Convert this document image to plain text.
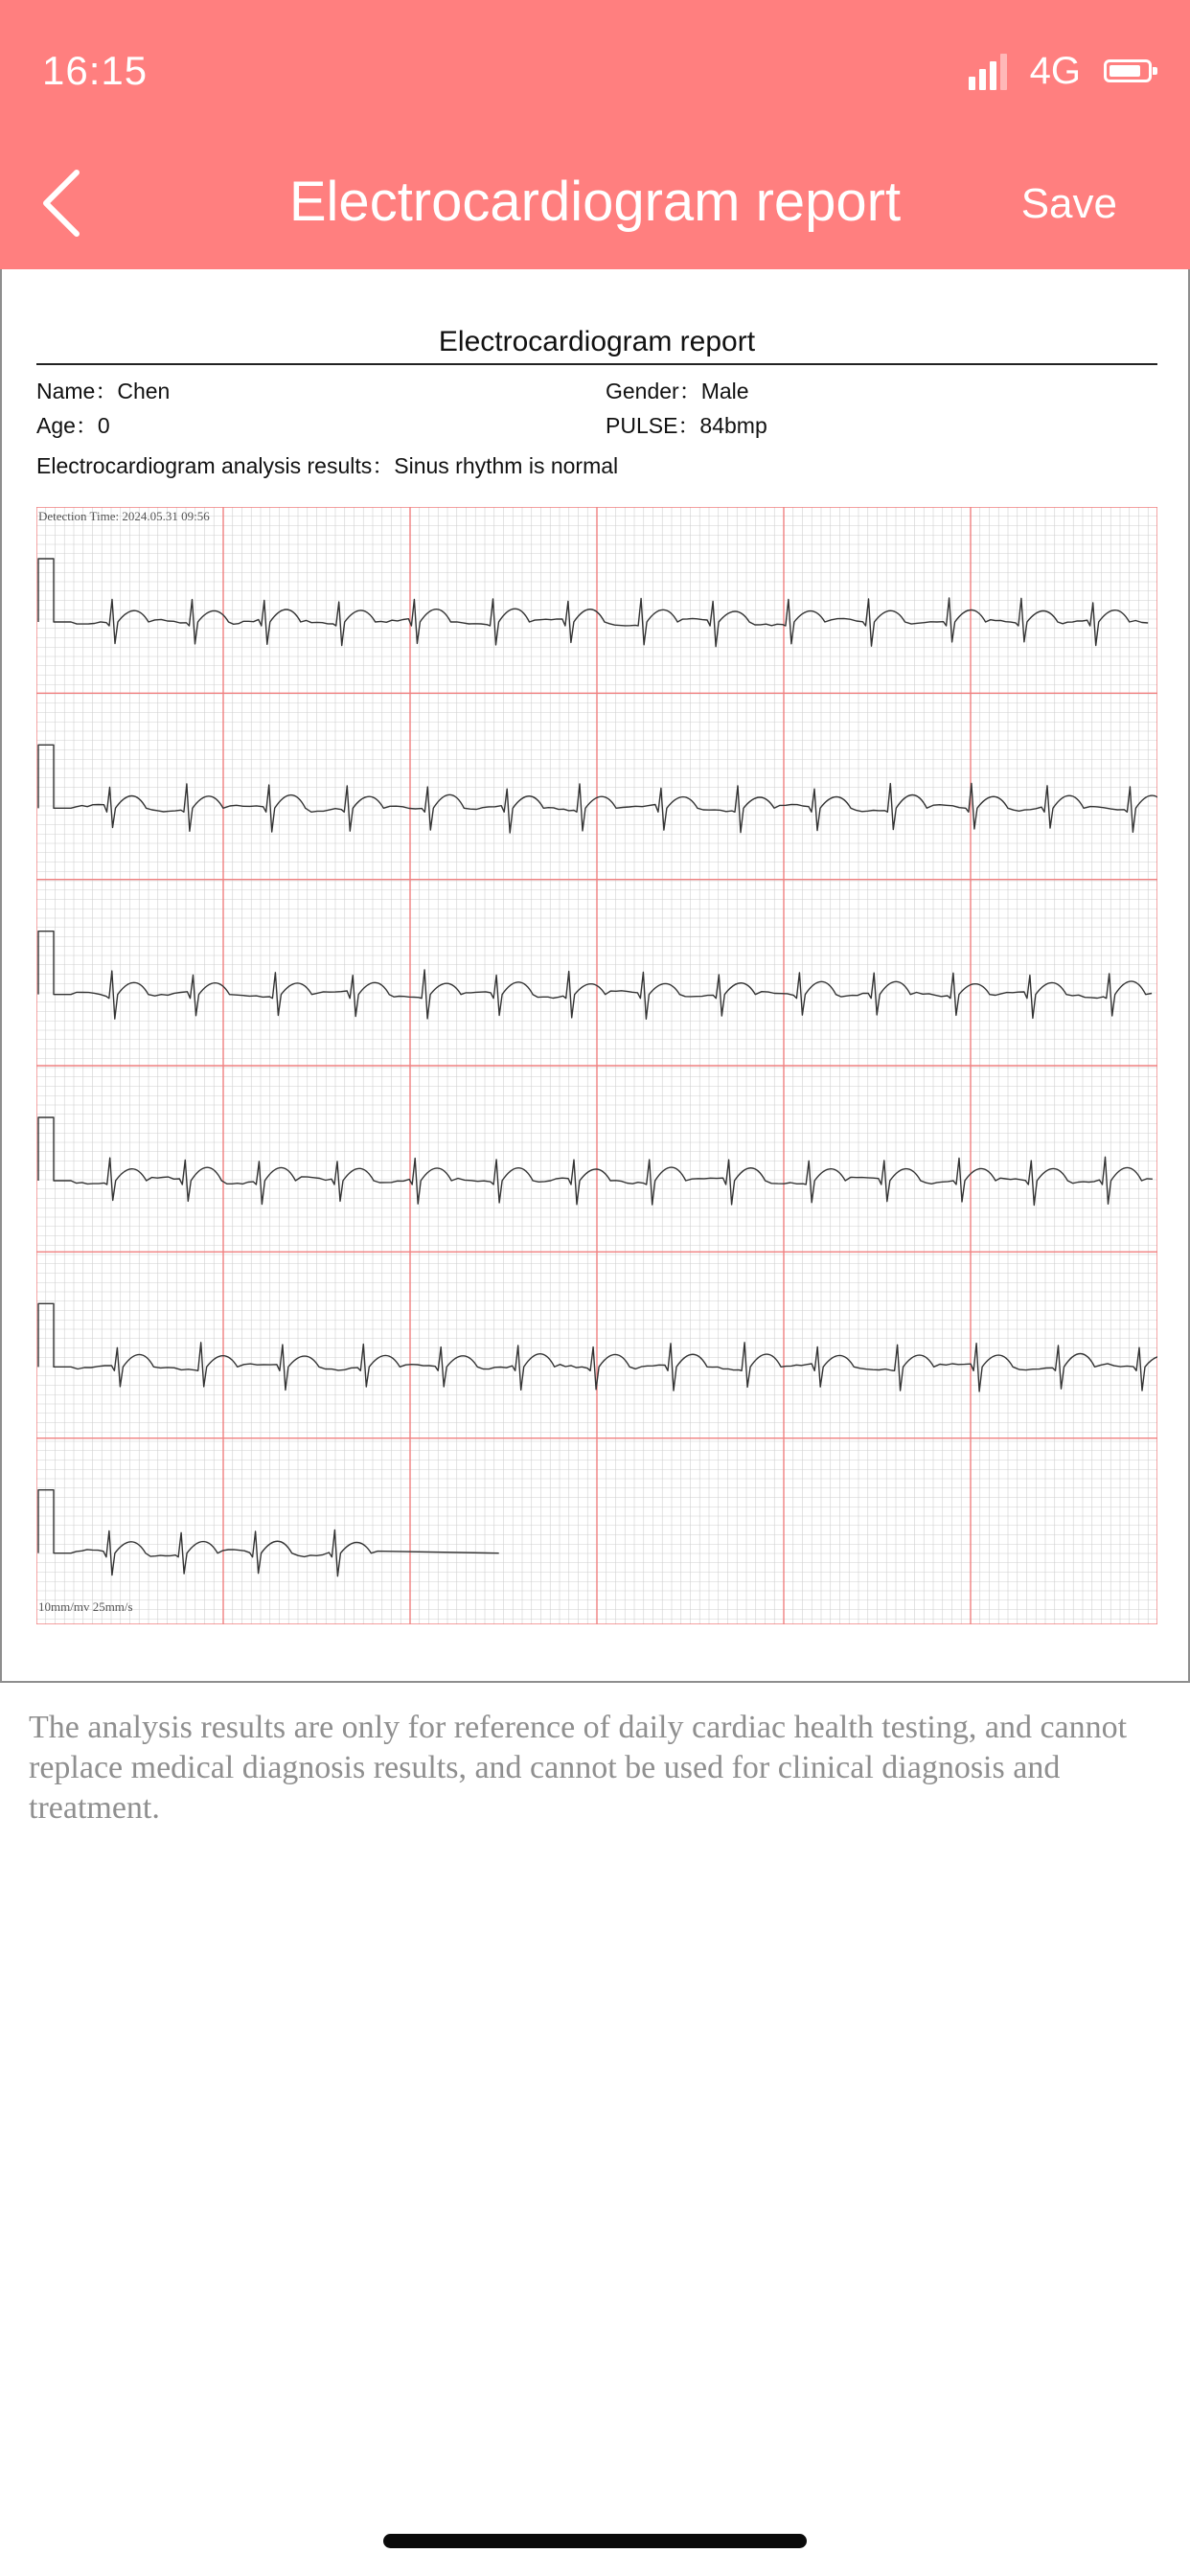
16:15	4G
Electrocardiogram report	Save
Electrocardiogram report
Name：Chen	Gender：Male
Age：0	PULSE：84bmp
Electrocardiogram analysis results：Sinus rhythm is normal
Detection Time: 2024.05.31 09:56
10mm/mv 25mm/s
The analysis results are only for reference of daily cardiac health testing, and cannot replace medical diagnosis results, and cannot be used for clinical diagnosis and treatment.
